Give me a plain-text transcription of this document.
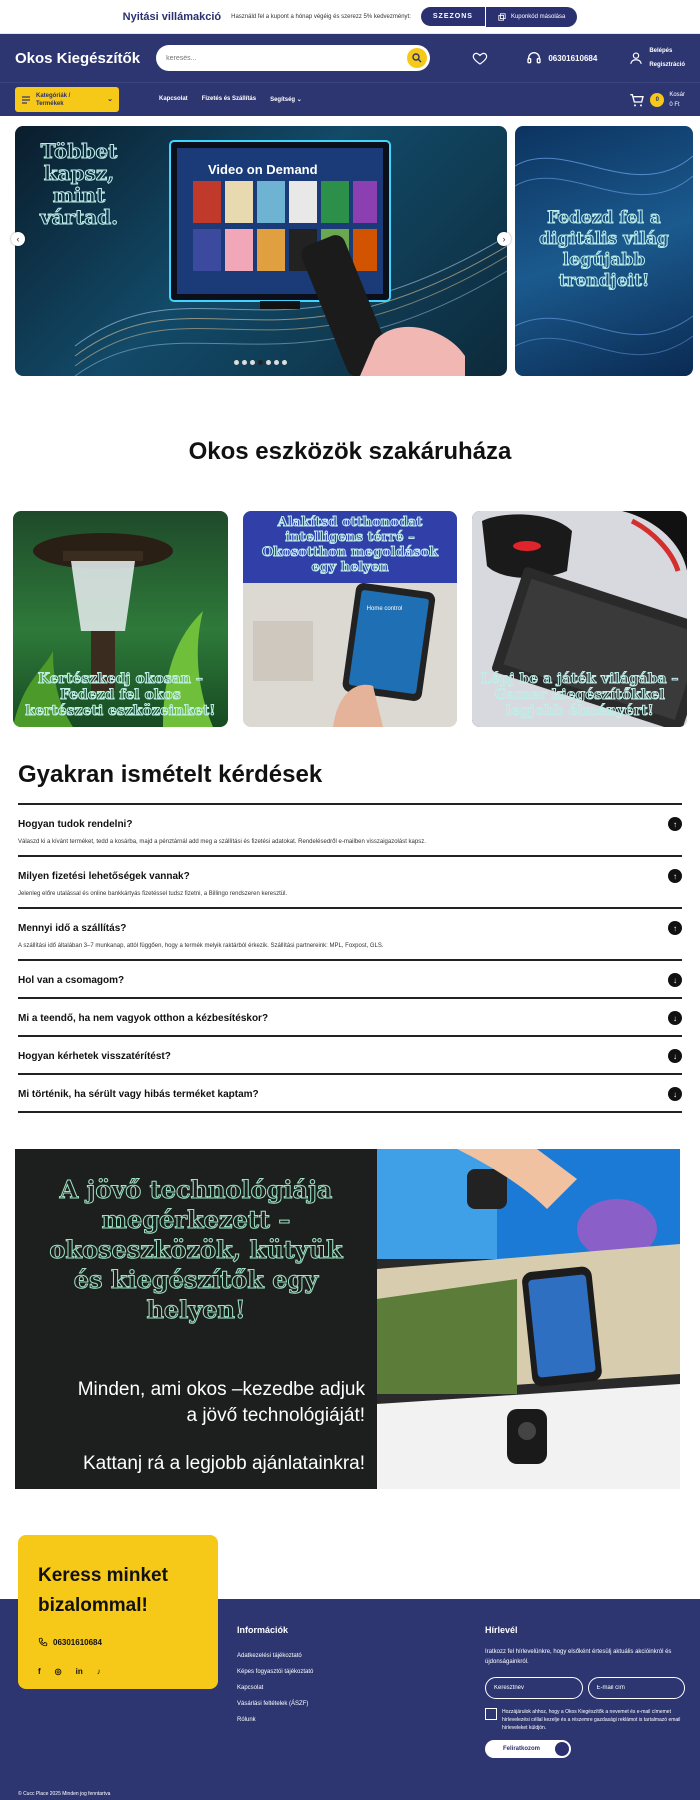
Nyitási villámakció Használd fel a kupont a hónap végéig és szerezz 5% kedvezményt:	SZEZONS	Kuponkód másolása
Okos Kiegészítők
keresés...	06301610684
Belépés
Regisztráció
Kategóriák / Termékek
⌄	Kapcsolat Fizetés és Szállítás Segítség ⌄	0
Kosár
0 Ft
Többet kapsz, mint vártad.
Video on Demand
Fedezd fel a digitális világ legújabb trendjeit!
‹	›
Okos eszközök szakáruháza
Kertészkedj okosan – Fedezd fel okos kertészeti eszközeinket!
Alakítsd otthonodat intelligens térré – Okosotthon megoldások egy helyen
Home control
Lépj be a játék világába – Gamer kiegészítőkkel legjobb élményért!
Gyakran ismételt kérdések
Hogyan tudok rendelni?	↑
Válaszd ki a kívánt terméket, tedd a kosárba, majd a pénztárnál add meg a szállítási és fizetési adatokat. Rendelésedről e-mailben visszaigazolást kapsz.
Milyen fizetési lehetőségek vannak?	↑
Jelenleg előre utalással és online bankkártyás fizetéssel tudsz fizetni, a Billingo rendszeren keresztül.
Mennyi idő a szállítás?	↑
A szállítási idő általában 3–7 munkanap, attól függően, hogy a termék melyik raktárból érkezik. Szállítási partnereink: MPL, Foxpost, GLS.
Hol van a csomagom?	↓
Mi a teendő, ha nem vagyok otthon a kézbesítéskor?	↓
Hogyan kérhetek visszatérítést?	↓
Mi történik, ha sérült vagy hibás terméket kaptam?	↓
A jövő technológiája megérkezett – okoseszközök, kütyük és kiegészítők egy helyen!
Minden, ami okos –kezedbe adjuk a jövő technológiáját!
Kattanj rá a legjobb ajánlatainkra!
Keress minket bizalommal!
06301610684
f ◎ in ♪
Információk
Adatkezelési tájékoztató
Képes fogyasztói tájékoztató
Kapcsolat
Vásárlási feltételek (ÁSZF)
Rólunk
Hírlevél
Iratkozz fel hírlevelünkre, hogy elsőként értesülj aktuális akcióinkról és újdonságainkról.
Keresztnév
E-mail cím
Hozzájárulok ahhoz, hogy a Okos Kiegészítők a nevemet és e-mail címemet hírlevelezési céllal kezelje és a részemre gazdasági reklámot is tartalmazó email hírleveleket küldjön.
Feliratkozom
© Cucc Place 2025 Minden jog fenntartva
